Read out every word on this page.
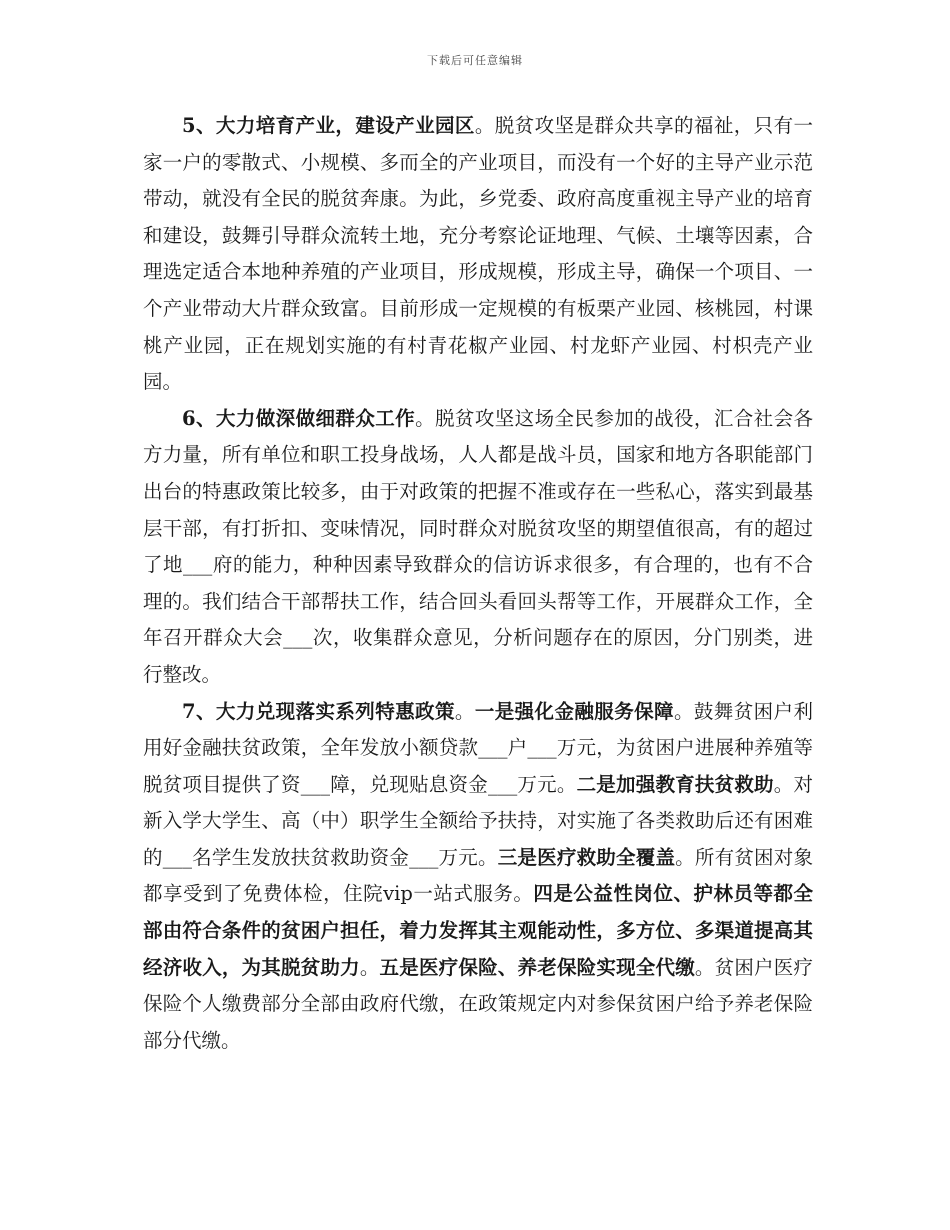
下载后可任意编辑

5、大力培育产业，建设产业园区。脱贫攻坚是群众共享的福祉，只有一家一户的零散式、小规模、多而全的产业项目，而没有一个好的主导产业示范带动，就没有全民的脱贫奔康。为此，乡党委、政府高度重视主导产业的培育和建设，鼓舞引导群众流转土地，充分考察论证地理、气候、土壤等因素，合理选定适合本地种养殖的产业项目，形成规模，形成主导，确保一个项目、一个产业带动大片群众致富。目前形成一定规模的有板栗产业园、核桃园，村课桃产业园，正在规划实施的有村青花椒产业园、村龙虾产业园、村枳壳产业园。

6、大力做深做细群众工作。脱贫攻坚这场全民参加的战役，汇合社会各方力量，所有单位和职工投身战场，人人都是战斗员，国家和地方各职能部门出台的特惠政策比较多，由于对政策的把握不准或存在一些私心，落实到最基层干部，有打折扣、变味情况，同时群众对脱贫攻坚的期望值很高，有的超过了地___府的能力，种种因素导致群众的信访诉求很多，有合理的，也有不合理的。我们结合干部帮扶工作，结合回头看回头帮等工作，开展群众工作，全年召开群众大会___次，收集群众意见，分析问题存在的原因，分门别类，进行整改。

7、大力兑现落实系列特惠政策。一是强化金融服务保障。鼓舞贫困户利用好金融扶贫政策，全年发放小额贷款___户___万元，为贫困户进展种养殖等脱贫项目提供了资___障，兑现贴息资金___万元。二是加强教育扶贫救助。对新入学大学生、高（中）职学生全额给予扶持，对实施了各类救助后还有困难的___名学生发放扶贫救助资金___万元。三是医疗救助全覆盖。所有贫困对象都享受到了免费体检，住院vip一站式服务。四是公益性岗位、护林员等都全部由符合条件的贫困户担任，着力发挥其主观能动性，多方位、多渠道提高其经济收入，为其脱贫助力。五是医疗保险、养老保险实现全代缴。贫困户医疗保险个人缴费部分全部由政府代缴，在政策规定内对参保贫困户给予养老保险部分代缴。
